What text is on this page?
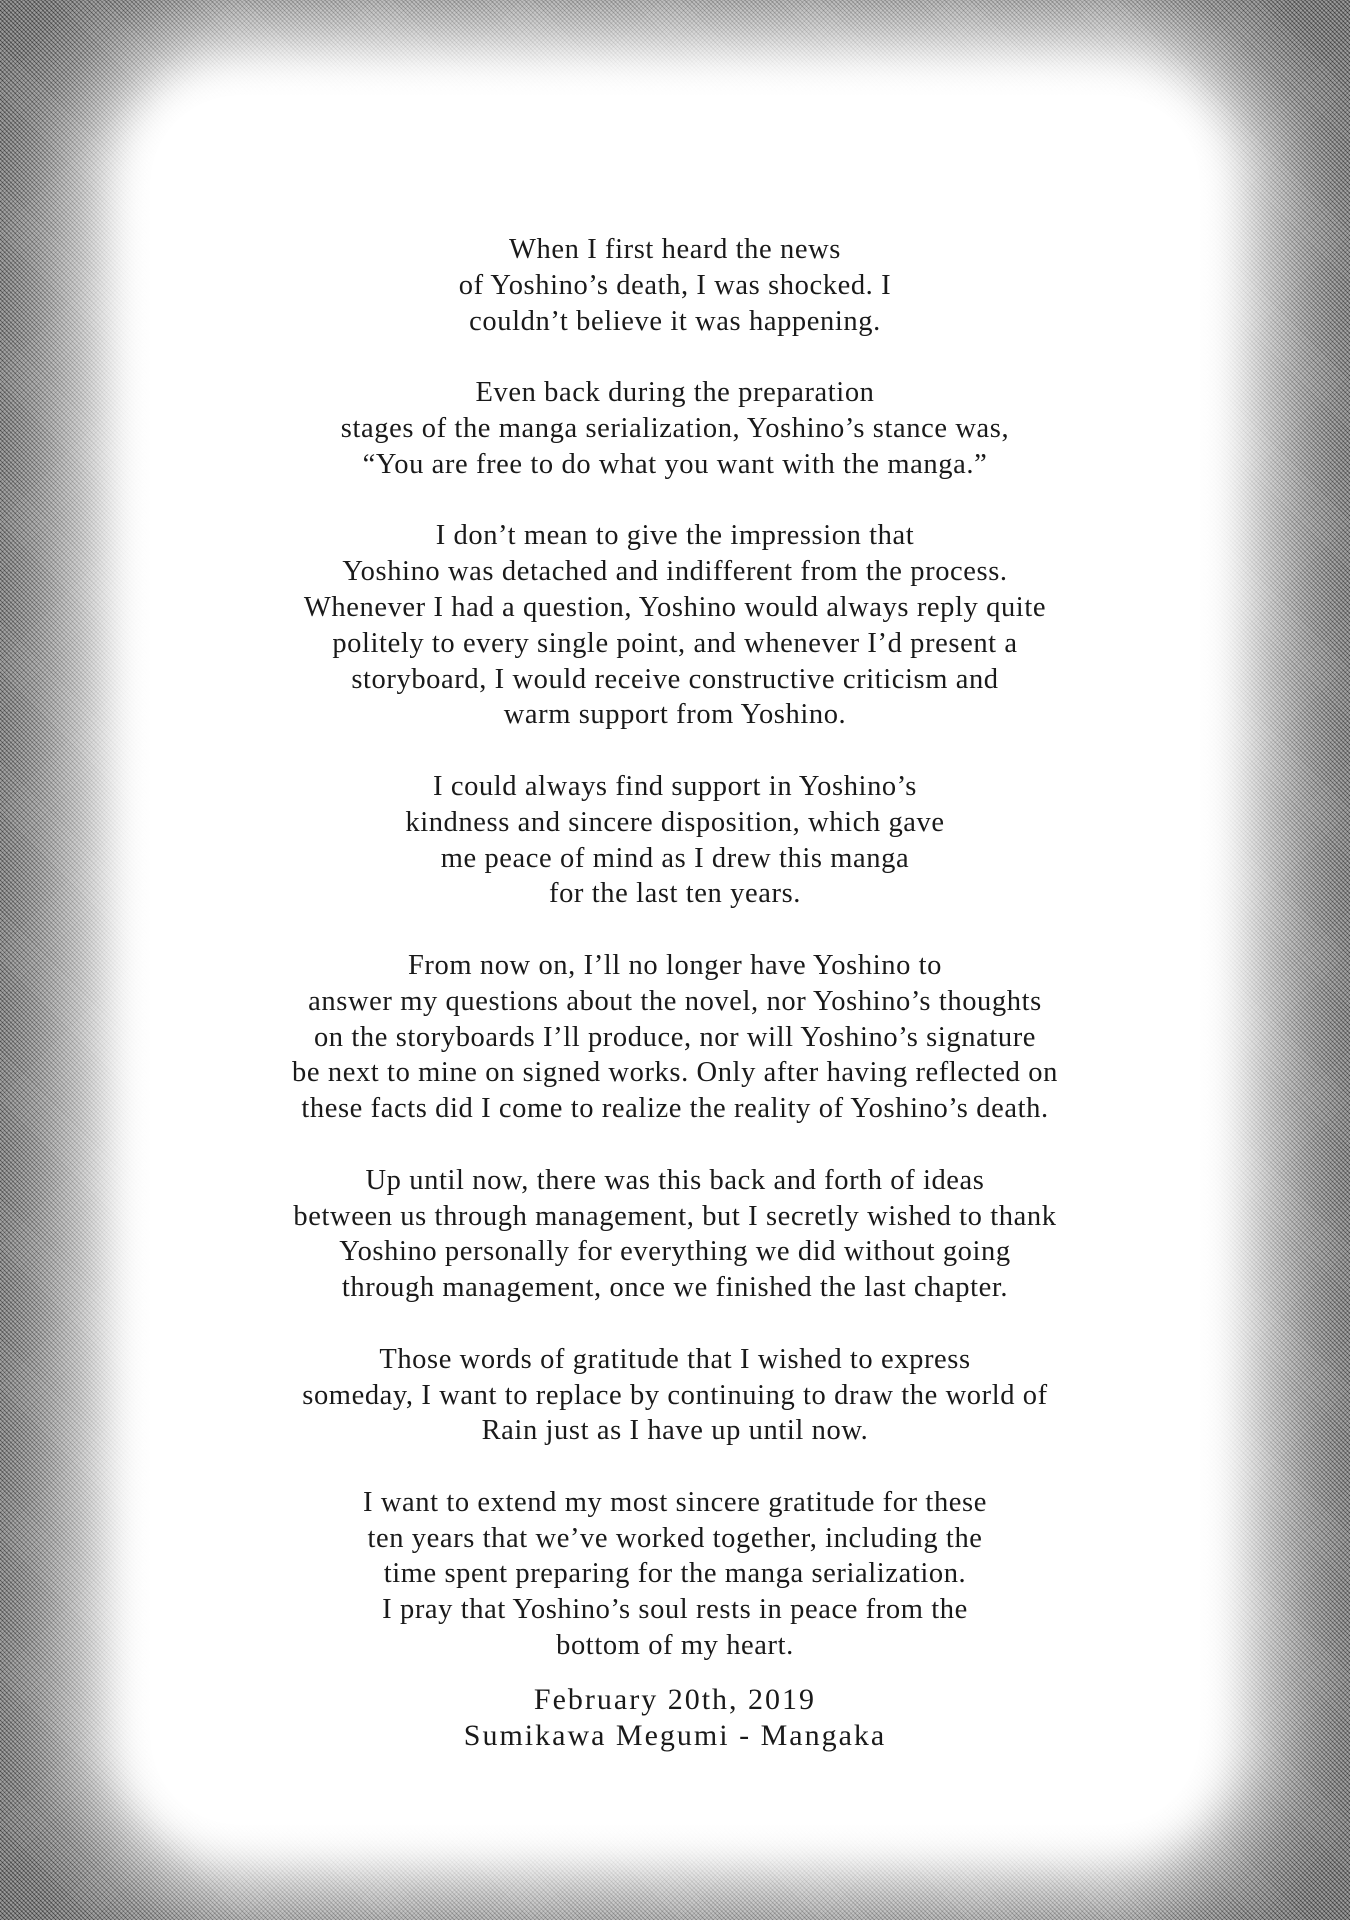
When I first heard the news
of Yoshino’s death, I was shocked. I
couldn’t believe it was happening.

Even back during the preparation
stages of the manga serialization, Yoshino’s stance was,
“You are free to do what you want with the manga.”

I don’t mean to give the impression that
Yoshino was detached and indifferent from the process.
Whenever I had a question, Yoshino would always reply quite
politely to every single point, and whenever I’d present a
storyboard, I would receive constructive criticism and
warm support from Yoshino.

I could always find support in Yoshino’s
kindness and sincere disposition, which gave
me peace of mind as I drew this manga
for the last ten years.

From now on, I’ll no longer have Yoshino to
answer my questions about the novel, nor Yoshino’s thoughts
on the storyboards I’ll produce, nor will Yoshino’s signature
be next to mine on signed works. Only after having reflected on
these facts did I come to realize the reality of Yoshino’s death.

Up until now, there was this back and forth of ideas
between us through management, but I secretly wished to thank
Yoshino personally for everything we did without going
through management, once we finished the last chapter.

Those words of gratitude that I wished to express
someday, I want to replace by continuing to draw the world of
Rain just as I have up until now.

I want to extend my most sincere gratitude for these
ten years that we’ve worked together, including the
time spent preparing for the manga serialization.
I pray that Yoshino’s soul rests in peace from the
bottom of my heart.

February 20th, 2019
Sumikawa Megumi - Mangaka
